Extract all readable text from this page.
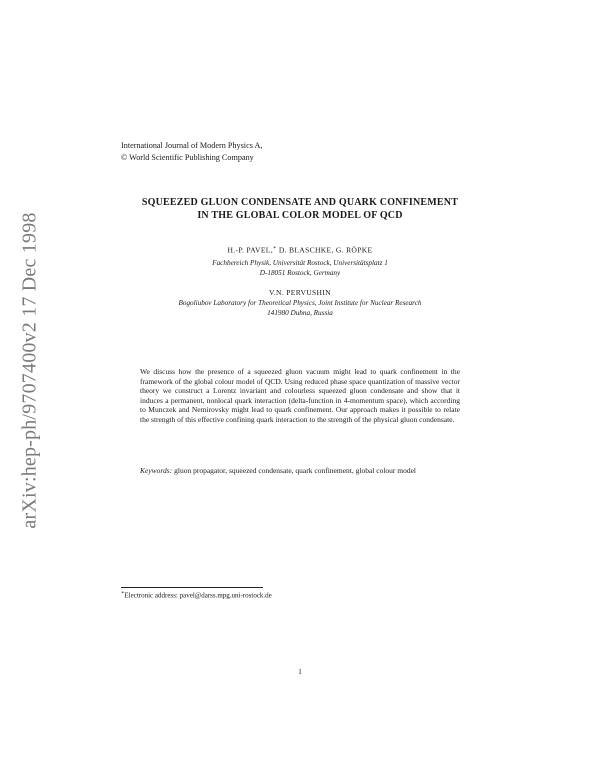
arXiv:hep-ph/9707400v2 17 Dec 1998
International Journal of Modern Physics A,
© World Scientific Publishing Company
SQUEEZED GLUON CONDENSATE AND QUARK CONFINEMENT
IN THE GLOBAL COLOR MODEL OF QCD
H.-P. PAVEL,∗ D. BLASCHKE, G. RÖPKE
Fachbereich Physik, Universität Rostock, Universitätsplatz 1
D-18051 Rostock, Germany
V.N. PERVUSHIN
Bogoliubov Laboratory for Theoretical Physics, Joint Institute for Nuclear Research
141980 Dubna, Russia
We discuss how the presence of a squeezed gluon vacuum might lead to quark confinement in the framework of the global colour model of QCD. Using reduced phase space quantization of massive vector theory we construct a Lorentz invariant and colourless squeezed gluon condensate and show that it induces a permanent, nonlocal quark interaction (delta-function in 4-momentum space), which according to Munczek and Nemirovsky might lead to quark confinement. Our approach makes it possible to relate the strength of this effective confining quark interaction to the strength of the physical gluon condensate.
Keywords: gluon propagator, squeezed condensate, quark confinement, global colour model
∗Electronic address: pavel@darss.mpg.uni-rostock.de
1
